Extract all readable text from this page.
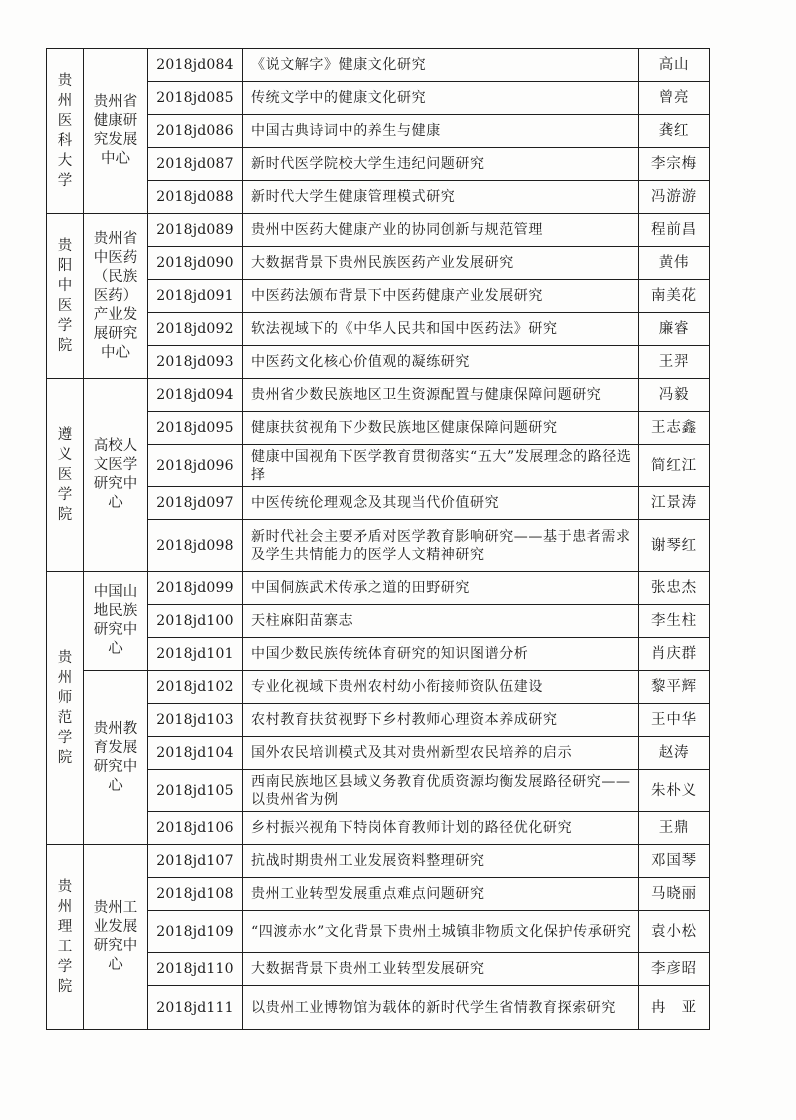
贵州医科大学	贵州省健康研究发展中心	2018jd084	《说文解字》健康文化研究	高山
		2018jd085	传统文学中的健康文化研究	曾亮
		2018jd086	中国古典诗词中的养生与健康	龚红
		2018jd087	新时代医学院校大学生违纪问题研究	李宗梅
		2018jd088	新时代大学生健康管理模式研究	冯游游
贵阳中医学院	贵州省中医药（民族医药）产业发展研究中心	2018jd089	贵州中医药大健康产业的协同创新与规范管理	程前昌
		2018jd090	大数据背景下贵州民族医药产业发展研究	黄伟
		2018jd091	中医药法颁布背景下中医药健康产业发展研究	南美花
		2018jd092	软法视域下的《中华人民共和国中医药法》研究	廉睿
		2018jd093	中医药文化核心价值观的凝练研究	王羿
遵义医学院	高校人文医学研究中心	2018jd094	贵州省少数民族地区卫生资源配置与健康保障问题研究	冯毅
		2018jd095	健康扶贫视角下少数民族地区健康保障问题研究	王志鑫
		2018jd096	健康中国视角下医学教育贯彻落实“五大”发展理念的路径选择	简红江
		2018jd097	中医传统伦理观念及其现当代价值研究	江景涛
		2018jd098	新时代社会主要矛盾对医学教育影响研究——基于患者需求及学生共情能力的医学人文精神研究	谢琴红
贵州师范学院	中国山地民族研究中心	2018jd099	中国侗族武术传承之道的田野研究	张忠杰
		2018jd100	天柱麻阳苗寨志	李生柱
		2018jd101	中国少数民族传统体育研究的知识图谱分析	肖庆群
	贵州教育发展研究中心	2018jd102	专业化视域下贵州农村幼小衔接师资队伍建设	黎平辉
		2018jd103	农村教育扶贫视野下乡村教师心理资本养成研究	王中华
		2018jd104	国外农民培训模式及其对贵州新型农民培养的启示	赵涛
		2018jd105	西南民族地区县域义务教育优质资源均衡发展路径研究——以贵州省为例	朱朴义
		2018jd106	乡村振兴视角下特岗体育教师计划的路径优化研究	王鼎
贵州理工学院	贵州工业发展研究中心	2018jd107	抗战时期贵州工业发展资料整理研究	邓国琴
		2018jd108	贵州工业转型发展重点难点问题研究	马晓丽
		2018jd109	“四渡赤水”文化背景下贵州土城镇非物质文化保护传承研究	袁小松
		2018jd110	大数据背景下贵州工业转型发展研究	李彦昭
		2018jd111	以贵州工业博物馆为载体的新时代学生省情教育探索研究	冉　亚
